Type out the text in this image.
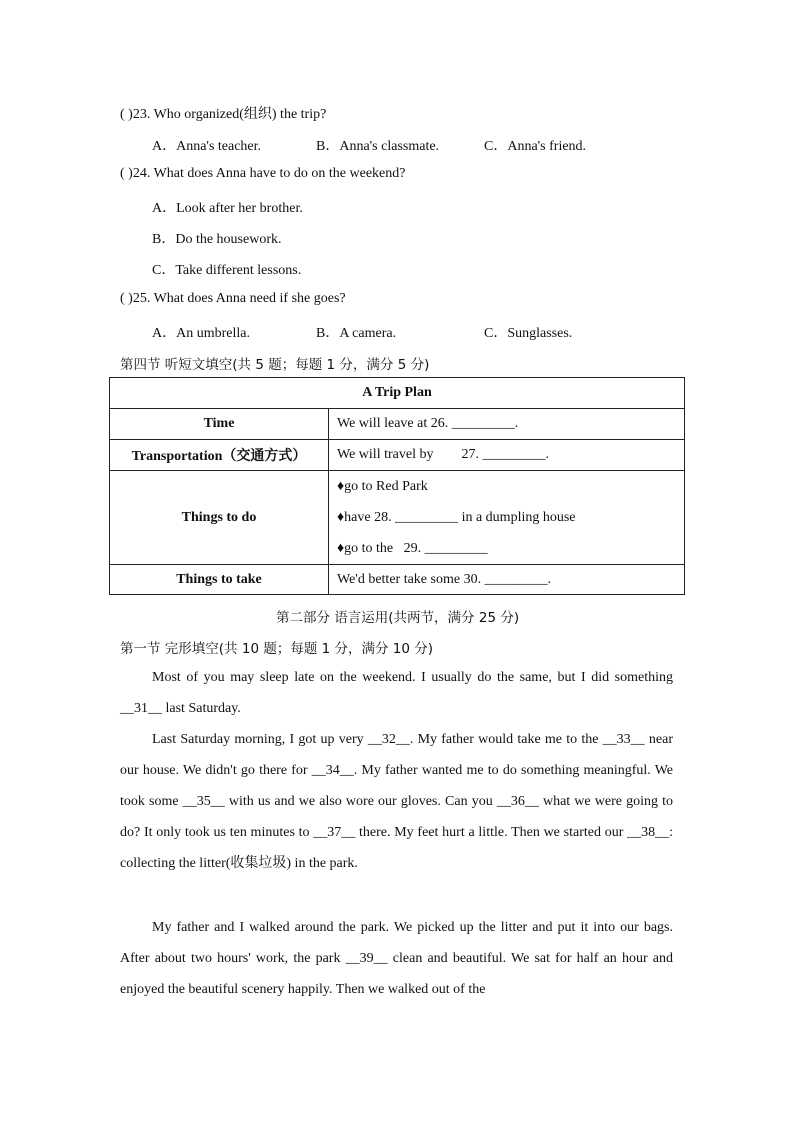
( )23. Who organized(组织) the trip?
A．Anna's teacher.	B．Anna's classmate.	C．Anna's friend.
( )24. What does Anna have to do on the weekend?
A．Look after her brother.
B．Do the housework.
C．Take different lessons.
( )25. What does Anna need if she goes?
A．An umbrella.	B．A camera.	C．Sunglasses.
第四节 听短文填空(共 5 题；每题 1 分，满分 5 分)
A Trip Plan	
Time	We will leave at 26. _________.
Transportation（交通方式）	We will travel by        27. _________.
Things to do	♦go to Red Park
♦have 28. _________ in a dumpling house
♦go to the   29. _________

Things to take	We'd better take some 30. _________.
第二部分 语言运用(共两节，满分 25 分)
第一节 完形填空(共 10 题；每题 1 分，满分 10 分)
Most of you may sleep late on the weekend. I usually do the same, but I did something __31__ last Saturday.
Last Saturday morning, I got up very __32__. My father would take me to the __33__ near our house. We didn't go there for __34__. My father wanted me to do something meaningful. We took some __35__ with us and we also wore our gloves. Can you __36__ what we were going to do? It only took us ten minutes to __37__ there. My feet hurt a little. Then we started our __38__: collecting the litter(收集垃圾) in the park.
My father and I walked around the park. We picked up the litter and put it into our bags. After about two hours' work, the park __39__ clean and beautiful. We sat for half an hour and enjoyed the beautiful scenery happily. Then we walked out of the
